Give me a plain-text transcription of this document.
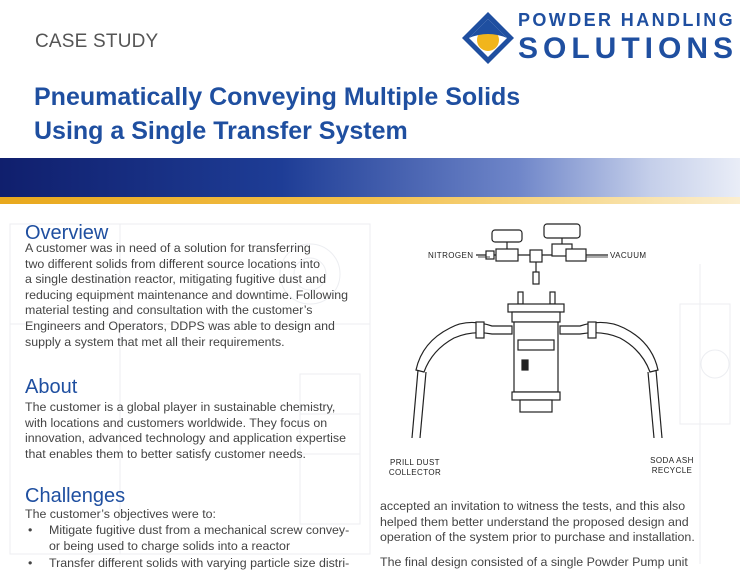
CASE STUDY
POWDER HANDLING
SOLUTIONS
Pneumatically Conveying Multiple Solids
Using a Single Transfer System
Overview
A customer was in need of a solution for transferring
two different solids from different source locations into
a single destination reactor, mitigating fugitive dust and
reducing equipment maintenance and downtime. Following
material testing and consultation with the customer’s
Engineers and Operators, DDPS was able to design and
supply a system that met all their requirements.
About
The customer is a global player in sustainable chemistry,
with locations and customers worldwide. They focus on
innovation, advanced technology and application expertise
that enables them to better satisfy customer needs.
Challenges
The customer’s objectives were to:
• Mitigate fugitive dust from a mechanical screw convey-
or being used to charge solids into a reactor
• Transfer different solids with varying particle size distri-
NITROGEN	VACUUM
PRILL DUST
COLLECTOR
SODA ASH
RECYCLE
accepted an invitation to witness the tests, and this also
helped them better understand the proposed design and
operation of the system prior to purchase and installation.
The final design consisted of a single Powder Pump unit
